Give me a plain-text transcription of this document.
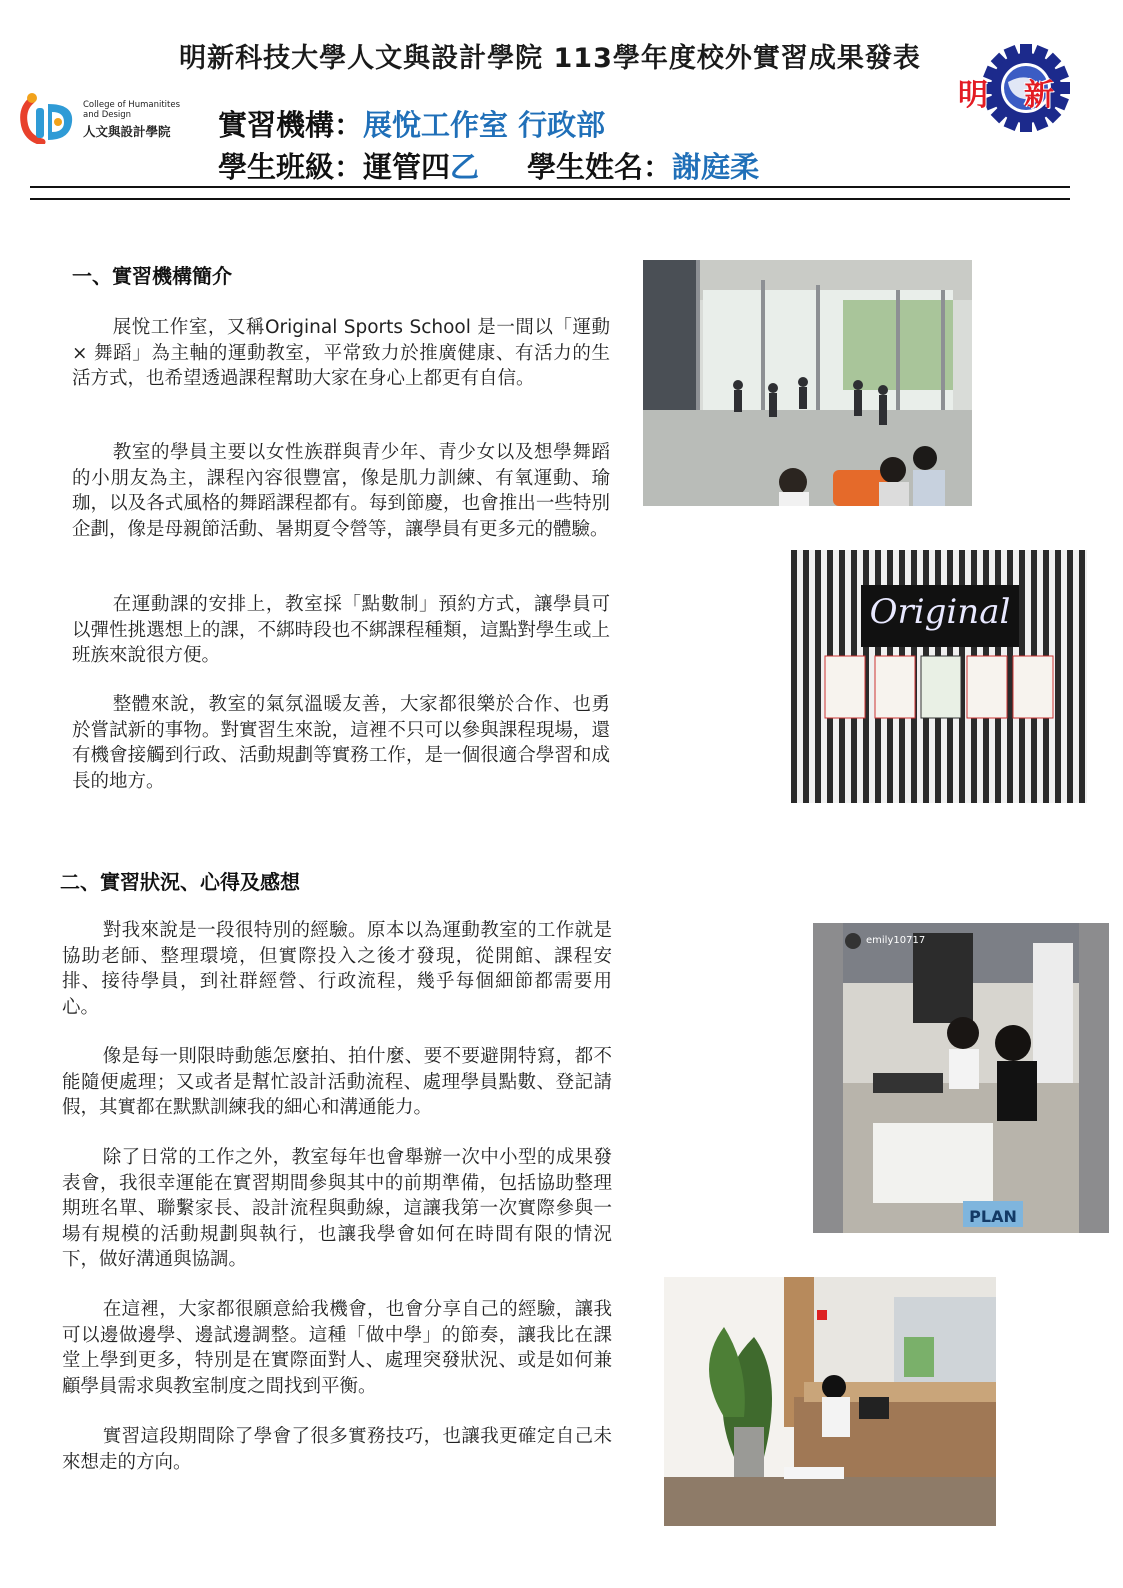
明新科技大學人文與設計學院 113學年度校外實習成果發表
College of Humanitites and Design
人文與設計學院 實習機構：展悅工作室 行政部
學生班級：運管四乙 學生姓名：謝庭柔
明新
一、實習機構簡介
展悅工作室，又稱Original Sports School 是一間以「運動 × 舞蹈」為主軸的運動教室，平常致力於推廣健康、有活力的生活方式，也希望透過課程幫助大家在身心上都更有自信。
教室的學員主要以女性族群與青少年、青少女以及想學舞蹈的小朋友為主，課程內容很豐富，像是肌力訓練、有氧運動、瑜珈，以及各式風格的舞蹈課程都有。每到節慶，也會推出一些特別企劃，像是母親節活動、暑期夏令營等，讓學員有更多元的體驗。
在運動課的安排上，教室採「點數制」預約方式，讓學員可以彈性挑選想上的課，不綁時段也不綁課程種類，這點對學生或上班族來說很方便。
整體來說，教室的氣氛溫暖友善，大家都很樂於合作、也勇於嘗試新的事物。對實習生來說，這裡不只可以參與課程現場，還有機會接觸到行政、活動規劃等實務工作，是一個很適合學習和成長的地方。
二、實習狀況、心得及感想
對我來說是一段很特別的經驗。原本以為運動教室的工作就是協助老師、整理環境，但實際投入之後才發現，從開館、課程安排、接待學員，到社群經營、行政流程，幾乎每個細節都需要用心。
像是每一則限時動態怎麼拍、拍什麼、要不要避開特寫，都不能隨便處理；又或者是幫忙設計活動流程、處理學員點數、登記請假，其實都在默默訓練我的細心和溝通能力。
除了日常的工作之外，教室每年也會舉辦一次中小型的成果發表會，我很幸運能在實習期間參與其中的前期準備，包括協助整理期班名單、聯繫家長、設計流程與動線，這讓我第一次實際參與一場有規模的活動規劃與執行，也讓我學會如何在時間有限的情況下，做好溝通與協調。
在這裡，大家都很願意給我機會，也會分享自己的經驗，讓我可以邊做邊學、邊試邊調整。這種「做中學」的節奏，讓我比在課堂上學到更多，特別是在實際面對人、處理突發狀況、或是如何兼顧學員需求與教室制度之間找到平衡。
實習這段期間除了學會了很多實務技巧，也讓我更確定自己未來想走的方向。
Original
emily10717
PLAN
